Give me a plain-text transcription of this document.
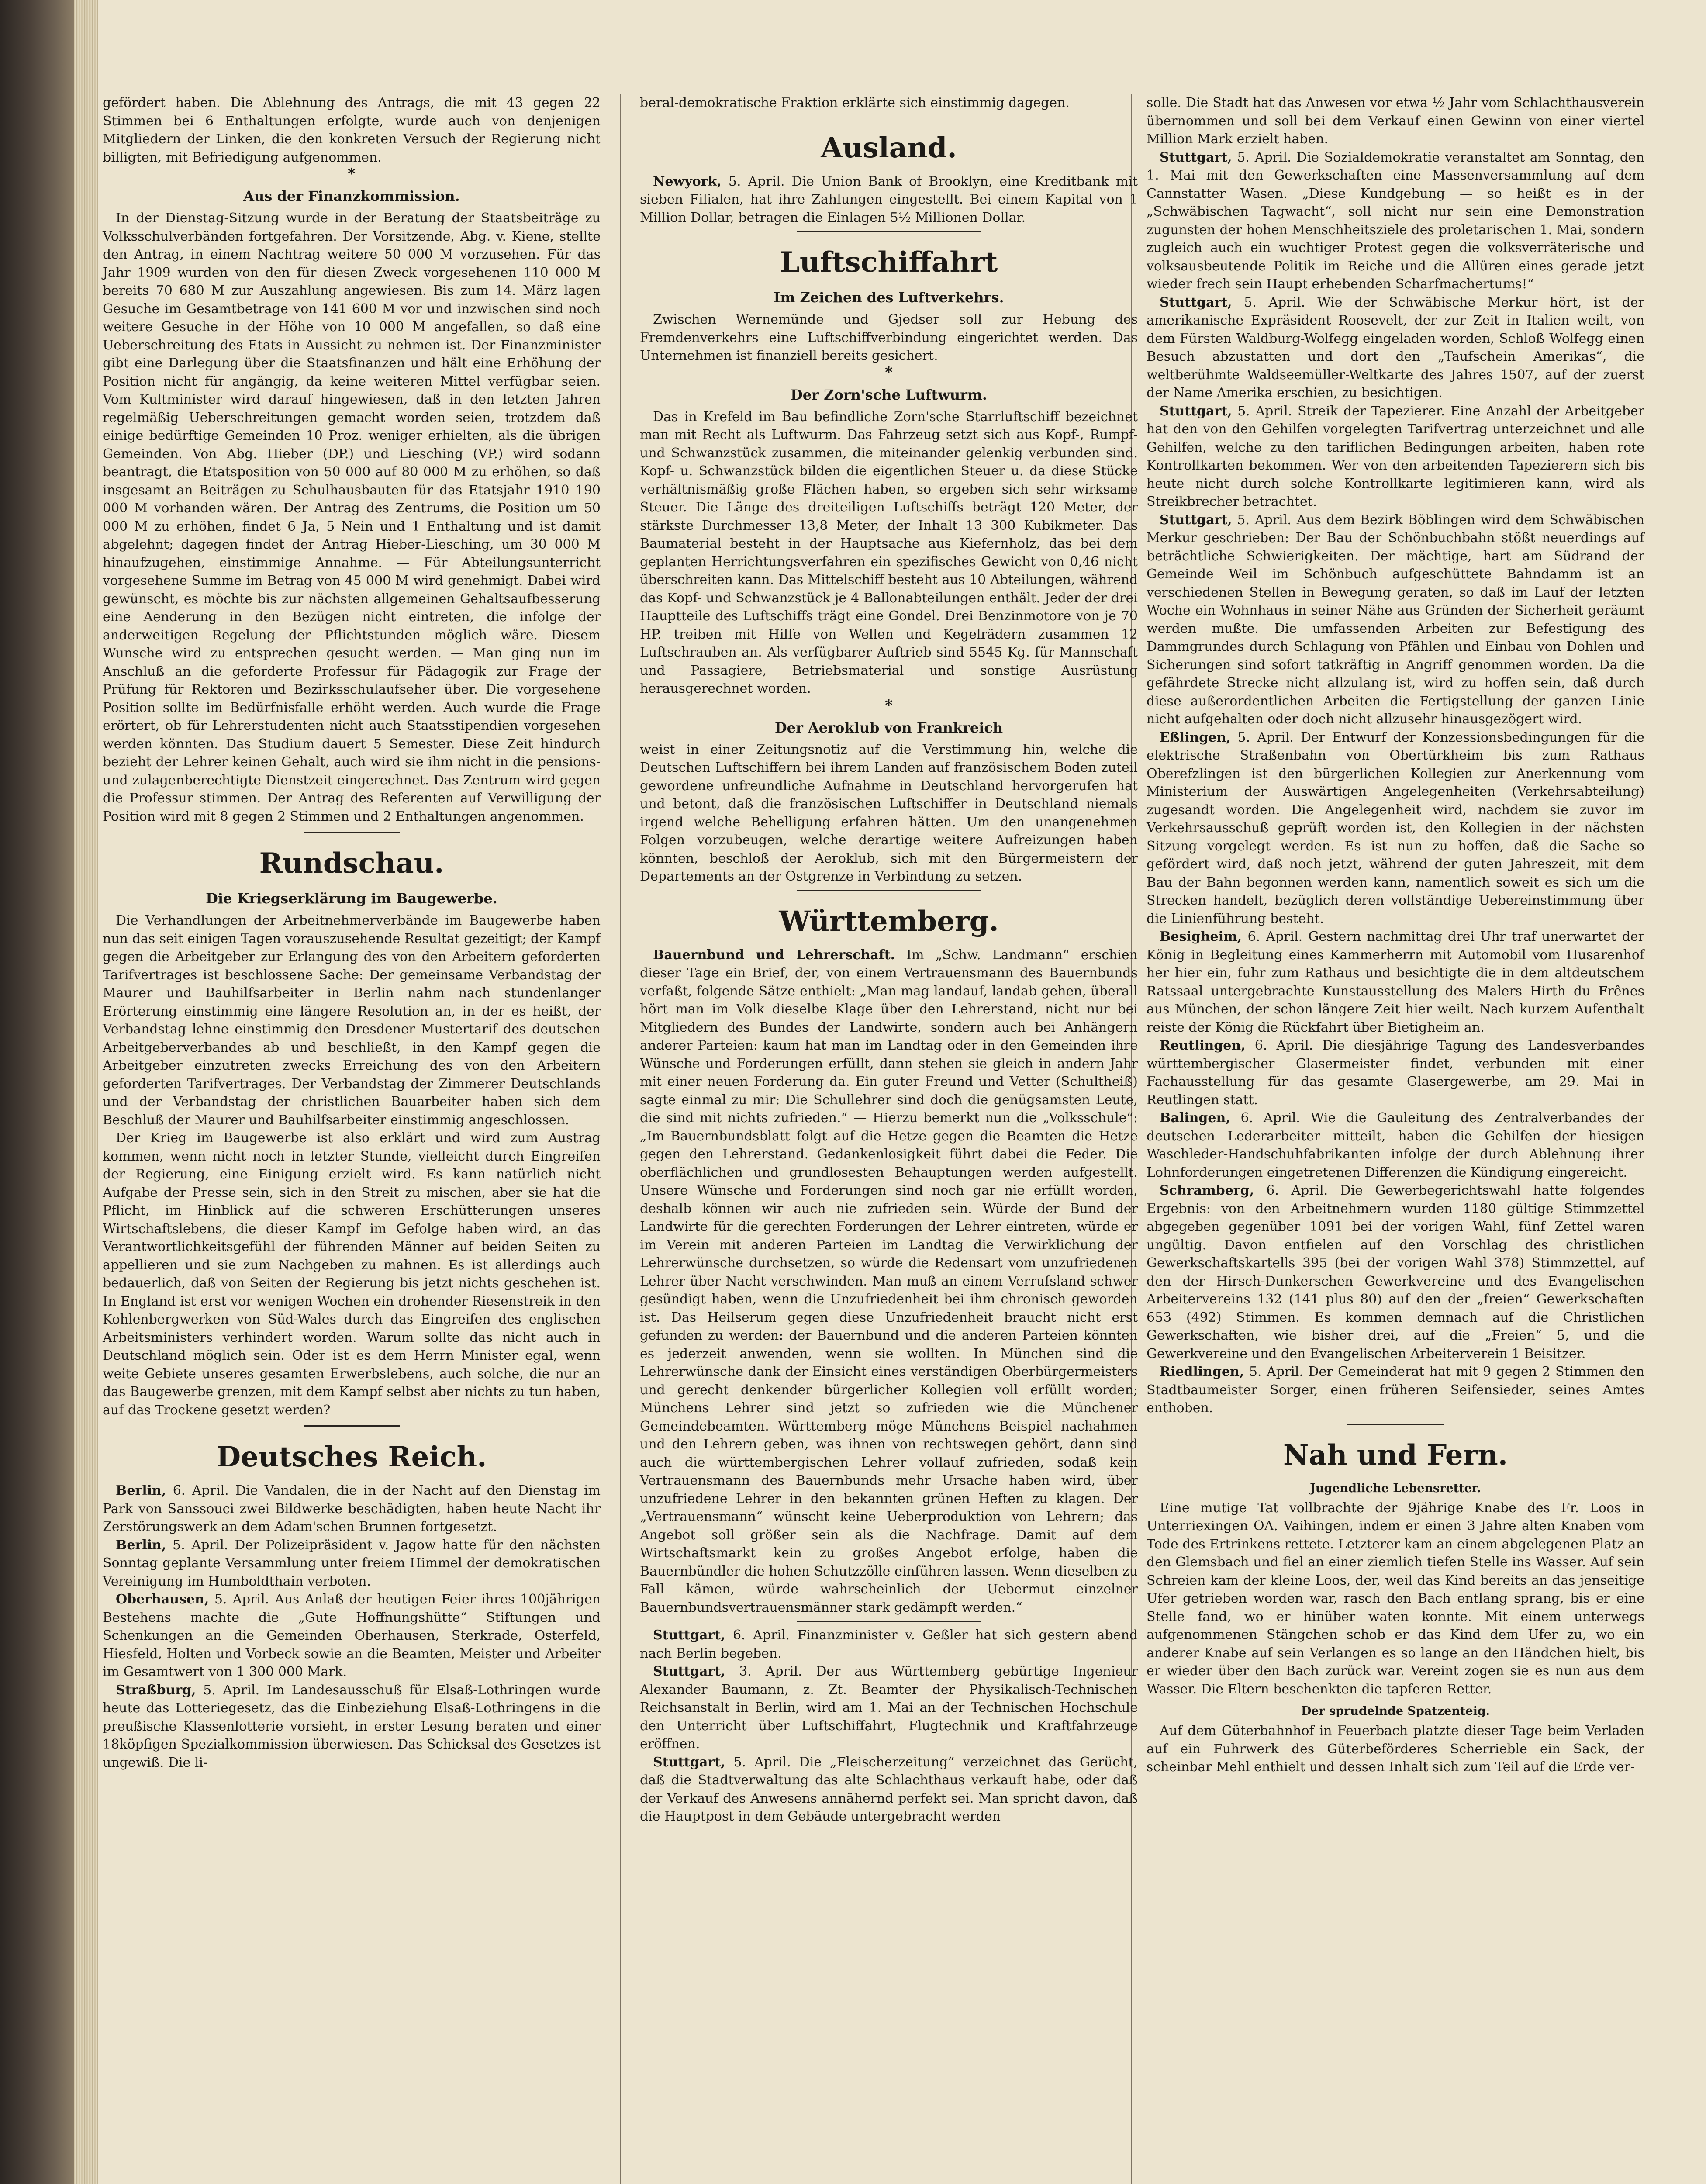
gefördert haben. Die Ablehnung des Antrags, die mit 43 gegen 22 Stimmen bei 6 Enthaltungen erfolgte, wurde auch von denjenigen Mitgliedern der Linken, die den konkreten Versuch der Regierung nicht billigten, mit Befriedigung aufgenommen.

*
Aus der Finanzkommission.

In der Dienstag-Sitzung wurde in der Beratung der Staatsbeiträge zu Volksschulverbänden fortgefahren. Der Vorsitzende, Abg. v. Kiene, stellte den Antrag, in einem Nachtrag weitere 50 000 M vorzusehen. Für das Jahr 1909 wurden von den für diesen Zweck vorgesehenen 110 000 M bereits 70 680 M zur Auszahlung angewiesen. Bis zum 14. März lagen Gesuche im Gesamtbetrage von 141 600 M vor und inzwischen sind noch weitere Gesuche in der Höhe von 10 000 M angefallen, so daß eine Ueberschreitung des Etats in Aussicht zu nehmen ist. Der Finanzminister gibt eine Darlegung über die Staatsfinanzen und hält eine Erhöhung der Position nicht für angängig, da keine weiteren Mittel verfügbar seien. Vom Kultminister wird darauf hingewiesen, daß in den letzten Jahren regelmäßig Ueberschreitungen gemacht worden seien, trotzdem daß einige bedürftige Gemeinden 10 Proz. weniger erhielten, als die übrigen Gemeinden. Von Abg. Hieber (DP.) und Liesching (VP.) wird sodann beantragt, die Etatsposition von 50 000 auf 80 000 M zu erhöhen, so daß insgesamt an Beiträgen zu Schulhausbauten für das Etatsjahr 1910 190 000 M vorhanden wären. Der Antrag des Zentrums, die Position um 50 000 M zu erhöhen, findet 6 Ja, 5 Nein und 1 Enthaltung und ist damit abgelehnt; dagegen findet der Antrag Hieber-Liesching, um 30 000 M hinaufzugehen, einstimmige Annahme. — Für Abteilungsunterricht vorgesehene Summe im Betrag von 45 000 M wird genehmigt. Dabei wird gewünscht, es möchte bis zur nächsten allgemeinen Gehaltsaufbesserung eine Aenderung in den Bezügen nicht eintreten, die infolge der anderweitigen Regelung der Pflichtstunden möglich wäre. Diesem Wunsche wird zu entsprechen gesucht werden. — Man ging nun im Anschluß an die geforderte Professur für Pädagogik zur Frage der Prüfung für Rektoren und Bezirksschulaufseher über. Die vorgesehene Position sollte im Bedürfnisfalle erhöht werden. Auch wurde die Frage erörtert, ob für Lehrerstudenten nicht auch Staatsstipendien vorgesehen werden könnten. Das Studium dauert 5 Semester. Diese Zeit hindurch bezieht der Lehrer keinen Gehalt, auch wird sie ihm nicht in die pensions- und zulagenberechtigte Dienstzeit eingerechnet. Das Zentrum wird gegen die Professur stimmen. Der Antrag des Referenten auf Verwilligung der Position wird mit 8 gegen 2 Stimmen und 2 Enthaltungen angenommen.

Rundschau.
Die Kriegserklärung im Baugewerbe.

Die Verhandlungen der Arbeitnehmerverbände im Baugewerbe haben nun das seit einigen Tagen vorauszusehende Resultat gezeitigt; der Kampf gegen die Arbeitgeber zur Erlangung des von den Arbeitern geforderten Tarifvertrages ist beschlossene Sache: Der gemeinsame Verbandstag der Maurer und Bauhilfsarbeiter in Berlin nahm nach stundenlanger Erörterung einstimmig eine längere Resolution an, in der es heißt, der Verbandstag lehne einstimmig den Dresdener Mustertarif des deutschen Arbeitgeberverbandes ab und beschließt, in den Kampf gegen die Arbeitgeber einzutreten zwecks Erreichung des von den Arbeitern geforderten Tarifvertrages. Der Verbandstag der Zimmerer Deutschlands und der Verbandstag der christlichen Bauarbeiter haben sich dem Beschluß der Maurer und Bauhilfsarbeiter einstimmig angeschlossen.

Der Krieg im Baugewerbe ist also erklärt und wird zum Austrag kommen, wenn nicht noch in letzter Stunde, vielleicht durch Eingreifen der Regierung, eine Einigung erzielt wird. Es kann natürlich nicht Aufgabe der Presse sein, sich in den Streit zu mischen, aber sie hat die Pflicht, im Hinblick auf die schweren Erschütterungen unseres Wirtschaftslebens, die dieser Kampf im Gefolge haben wird, an das Verantwortlichkeitsgefühl der führenden Männer auf beiden Seiten zu appellieren und sie zum Nachgeben zu mahnen. Es ist allerdings auch bedauerlich, daß von Seiten der Regierung bis jetzt nichts geschehen ist. In England ist erst vor wenigen Wochen ein drohender Riesenstreik in den Kohlenbergwerken von Süd-Wales durch das Eingreifen des englischen Arbeitsministers verhindert worden. Warum sollte das nicht auch in Deutschland möglich sein. Oder ist es dem Herrn Minister egal, wenn weite Gebiete unseres gesamten Erwerbslebens, auch solche, die nur an das Baugewerbe grenzen, mit dem Kampf selbst aber nichts zu tun haben, auf das Trockene gesetzt werden?

Deutsches Reich.

Berlin, 6. April. Die Vandalen, die in der Nacht auf den Dienstag im Park von Sanssouci zwei Bildwerke beschädigten, haben heute Nacht ihr Zerstörungswerk an dem Adam'schen Brunnen fortgesetzt.

Berlin, 5. April. Der Polizeipräsident v. Jagow hatte für den nächsten Sonntag geplante Versammlung unter freiem Himmel der demokratischen Vereinigung im Humboldthain verboten.

Oberhausen, 5. April. Aus Anlaß der heutigen Feier ihres 100jährigen Bestehens machte die „Gute Hoffnungshütte“ Stiftungen und Schenkungen an die Gemeinden Oberhausen, Sterkrade, Osterfeld, Hiesfeld, Holten und Vorbeck sowie an die Beamten, Meister und Arbeiter im Gesamtwert von 1 300 000 Mark.

Straßburg, 5. April. Im Landesausschuß für Elsaß-Lothringen wurde heute das Lotteriegesetz, das die Einbeziehung Elsaß-Lothringens in die preußische Klassenlotterie vorsieht, in erster Lesung beraten und einer 18köpfigen Spezialkommission überwiesen. Das Schicksal des Gesetzes ist ungewiß. Die li-

beral-demokratische Fraktion erklärte sich einstimmig dagegen.

Ausland.

Newyork, 5. April. Die Union Bank of Brooklyn, eine Kreditbank mit sieben Filialen, hat ihre Zahlungen eingestellt. Bei einem Kapital von 1 Million Dollar, betragen die Einlagen 5½ Millionen Dollar.

Luftschiffahrt
Im Zeichen des Luftverkehrs.

Zwischen Wernemünde und Gjedser soll zur Hebung des Fremdenverkehrs eine Luftschiffverbindung eingerichtet werden. Das Unternehmen ist finanziell bereits gesichert.

*
Der Zorn'sche Luftwurm.

Das in Krefeld im Bau befindliche Zorn'sche Starrluftschiff bezeichnet man mit Recht als Luftwurm. Das Fahrzeug setzt sich aus Kopf-, Rumpf- und Schwanzstück zusammen, die miteinander gelenkig verbunden sind. Kopf- u. Schwanzstück bilden die eigentlichen Steuer u. da diese Stücke verhältnismäßig große Flächen haben, so ergeben sich sehr wirksame Steuer. Die Länge des dreiteiligen Luftschiffs beträgt 120 Meter, der stärkste Durchmesser 13,8 Meter, der Inhalt 13 300 Kubikmeter. Das Baumaterial besteht in der Hauptsache aus Kiefernholz, das bei dem geplanten Herrichtungsverfahren ein spezifisches Gewicht von 0,46 nicht überschreiten kann. Das Mittelschiff besteht aus 10 Abteilungen, während das Kopf- und Schwanzstück je 4 Ballonabteilungen enthält. Jeder der drei Hauptteile des Luftschiffs trägt eine Gondel. Drei Benzinmotore von je 70 HP. treiben mit Hilfe von Wellen und Kegelrädern zusammen 12 Luftschrauben an. Als verfügbarer Auftrieb sind 5545 Kg. für Mannschaft und Passagiere, Betriebsmaterial und sonstige Ausrüstung herausgerechnet worden.

*
Der Aeroklub von Frankreich

weist in einer Zeitungsnotiz auf die Verstimmung hin, welche die Deutschen Luftschiffern bei ihrem Landen auf französischem Boden zuteil gewordene unfreundliche Aufnahme in Deutschland hervorgerufen hat und betont, daß die französischen Luftschiffer in Deutschland niemals irgend welche Behelligung erfahren hätten. Um den unangenehmen Folgen vorzubeugen, welche derartige weitere Aufreizungen haben könnten, beschloß der Aeroklub, sich mit den Bürgermeistern der Departements an der Ostgrenze in Verbindung zu setzen.

Württemberg.

Bauernbund und Lehrerschaft. Im „Schw. Landmann“ erschien dieser Tage ein Brief, der, von einem Vertrauensmann des Bauernbunds verfaßt, folgende Sätze enthielt: „Man mag landauf, landab gehen, überall hört man im Volk dieselbe Klage über den Lehrerstand, nicht nur bei Mitgliedern des Bundes der Landwirte, sondern auch bei Anhängern anderer Parteien: kaum hat man im Landtag oder in den Gemeinden ihre Wünsche und Forderungen erfüllt, dann stehen sie gleich in andern Jahr mit einer neuen Forderung da. Ein guter Freund und Vetter (Schultheiß) sagte einmal zu mir: Die Schullehrer sind doch die genügsamsten Leute, die sind mit nichts zufrieden.“ — Hierzu bemerkt nun die „Volksschule“: „Im Bauernbundsblatt folgt auf die Hetze gegen die Beamten die Hetze gegen den Lehrerstand. Gedankenlosigkeit führt dabei die Feder. Die oberflächlichen und grundlosesten Behauptungen werden aufgestellt. Unsere Wünsche und Forderungen sind noch gar nie erfüllt worden, deshalb können wir auch nie zufrieden sein. Würde der Bund der Landwirte für die gerechten Forderungen der Lehrer eintreten, würde er im Verein mit anderen Parteien im Landtag die Verwirklichung der Lehrerwünsche durchsetzen, so würde die Redensart vom unzufriedenen Lehrer über Nacht verschwinden. Man muß an einem Verrufsland schwer gesündigt haben, wenn die Unzufriedenheit bei ihm chronisch geworden ist. Das Heilserum gegen diese Unzufriedenheit braucht nicht erst gefunden zu werden: der Bauernbund und die anderen Parteien könnten es jederzeit anwenden, wenn sie wollten. In München sind die Lehrerwünsche dank der Einsicht eines verständigen Oberbürgermeisters und gerecht denkender bürgerlicher Kollegien voll erfüllt worden; Münchens Lehrer sind jetzt so zufrieden wie die Münchener Gemeindebeamten. Württemberg möge Münchens Beispiel nachahmen und den Lehrern geben, was ihnen von rechtswegen gehört, dann sind auch die württembergischen Lehrer vollauf zufrieden, sodaß kein Vertrauensmann des Bauernbunds mehr Ursache haben wird, über unzufriedene Lehrer in den bekannten grünen Heften zu klagen. Der „Vertrauensmann“ wünscht keine Ueberproduktion von Lehrern; das Angebot soll größer sein als die Nachfrage. Damit auf dem Wirtschaftsmarkt kein zu großes Angebot erfolge, haben die Bauernbündler die hohen Schutzzölle einführen lassen. Wenn dieselben zu Fall kämen, würde wahrscheinlich der Uebermut einzelner Bauernbundsvertrauensmänner stark gedämpft werden.“

Stuttgart, 6. April. Finanzminister v. Geßler hat sich gestern abend nach Berlin begeben.

Stuttgart, 3. April. Der aus Württemberg gebürtige Ingenieur Alexander Baumann, z. Zt. Beamter der Physikalisch-Technischen Reichsanstalt in Berlin, wird am 1. Mai an der Technischen Hochschule den Unterricht über Luftschiffahrt, Flugtechnik und Kraftfahrzeuge eröffnen.

Stuttgart, 5. April. Die „Fleischerzeitung“ verzeichnet das Gerücht, daß die Stadtverwaltung das alte Schlachthaus verkauft habe, oder daß der Verkauf des Anwesens annähernd perfekt sei. Man spricht davon, daß die Hauptpost in dem Gebäude untergebracht werden

solle. Die Stadt hat das Anwesen vor etwa ½ Jahr vom Schlachthausverein übernommen und soll bei dem Verkauf einen Gewinn von einer viertel Million Mark erzielt haben.

Stuttgart, 5. April. Die Sozialdemokratie veranstaltet am Sonntag, den 1. Mai mit den Gewerkschaften eine Massenversammlung auf dem Cannstatter Wasen. „Diese Kundgebung — so heißt es in der „Schwäbischen Tagwacht“, soll nicht nur sein eine Demonstration zugunsten der hohen Menschheitsziele des proletarischen 1. Mai, sondern zugleich auch ein wuchtiger Protest gegen die volksverräterische und volksausbeutende Politik im Reiche und die Allüren eines gerade jetzt wieder frech sein Haupt erhebenden Scharfmachertums!“

Stuttgart, 5. April. Wie der Schwäbische Merkur hört, ist der amerikanische Expräsident Roosevelt, der zur Zeit in Italien weilt, von dem Fürsten Waldburg-Wolfegg eingeladen worden, Schloß Wolfegg einen Besuch abzustatten und dort den „Taufschein Amerikas“, die weltberühmte Waldseemüller-Weltkarte des Jahres 1507, auf der zuerst der Name Amerika erschien, zu besichtigen.

Stuttgart, 5. April. Streik der Tapezierer. Eine Anzahl der Arbeitgeber hat den von den Gehilfen vorgelegten Tarifvertrag unterzeichnet und alle Gehilfen, welche zu den tariflichen Bedingungen arbeiten, haben rote Kontrollkarten bekommen. Wer von den arbeitenden Tapezierern sich bis heute nicht durch solche Kontrollkarte legitimieren kann, wird als Streikbrecher betrachtet.

Stuttgart, 5. April. Aus dem Bezirk Böblingen wird dem Schwäbischen Merkur geschrieben: Der Bau der Schönbuchbahn stößt neuerdings auf beträchtliche Schwierigkeiten. Der mächtige, hart am Südrand der Gemeinde Weil im Schönbuch aufgeschüttete Bahndamm ist an verschiedenen Stellen in Bewegung geraten, so daß im Lauf der letzten Woche ein Wohnhaus in seiner Nähe aus Gründen der Sicherheit geräumt werden mußte. Die umfassenden Arbeiten zur Befestigung des Dammgrundes durch Schlagung von Pfählen und Einbau von Dohlen und Sicherungen sind sofort tatkräftig in Angriff genommen worden. Da die gefährdete Strecke nicht allzulang ist, wird zu hoffen sein, daß durch diese außerordentlichen Arbeiten die Fertigstellung der ganzen Linie nicht aufgehalten oder doch nicht allzusehr hinausgezögert wird.

Eßlingen, 5. April. Der Entwurf der Konzessionsbedingungen für die elektrische Straßenbahn von Obertürkheim bis zum Rathaus Oberefzlingen ist den bürgerlichen Kollegien zur Anerkennung vom Ministerium der Auswärtigen Angelegenheiten (Verkehrsabteilung) zugesandt worden. Die Angelegenheit wird, nachdem sie zuvor im Verkehrsausschuß geprüft worden ist, den Kollegien in der nächsten Sitzung vorgelegt werden. Es ist nun zu hoffen, daß die Sache so gefördert wird, daß noch jetzt, während der guten Jahreszeit, mit dem Bau der Bahn begonnen werden kann, namentlich soweit es sich um die Strecken handelt, bezüglich deren vollständige Uebereinstimmung über die Linienführung besteht.

Besigheim, 6. April. Gestern nachmittag drei Uhr traf unerwartet der König in Begleitung eines Kammerherrn mit Automobil vom Husarenhof her hier ein, fuhr zum Rathaus und besichtigte die in dem altdeutschem Ratssaal untergebrachte Kunstausstellung des Malers Hirth du Frênes aus München, der schon längere Zeit hier weilt. Nach kurzem Aufenthalt reiste der König die Rückfahrt über Bietigheim an.

Reutlingen, 6. April. Die diesjährige Tagung des Landesverbandes württembergischer Glasermeister findet, verbunden mit einer Fachausstellung für das gesamte Glasergewerbe, am 29. Mai in Reutlingen statt.

Balingen, 6. April. Wie die Gauleitung des Zentralverbandes der deutschen Lederarbeiter mitteilt, haben die Gehilfen der hiesigen Waschleder-Handschuhfabrikanten infolge der durch Ablehnung ihrer Lohnforderungen eingetretenen Differenzen die Kündigung eingereicht.

Schramberg, 6. April. Die Gewerbegerichtswahl hatte folgendes Ergebnis: von den Arbeitnehmern wurden 1180 gültige Stimmzettel abgegeben gegenüber 1091 bei der vorigen Wahl, fünf Zettel waren ungültig. Davon entfielen auf den Vorschlag des christlichen Gewerkschaftskartells 395 (bei der vorigen Wahl 378) Stimmzettel, auf den der Hirsch-Dunkerschen Gewerkvereine und des Evangelischen Arbeitervereins 132 (141 plus 80) auf den der „freien“ Gewerkschaften 653 (492) Stimmen. Es kommen demnach auf die Christlichen Gewerkschaften, wie bisher drei, auf die „Freien“ 5, und die Gewerkvereine und den Evangelischen Arbeiterverein 1 Beisitzer.

Riedlingen, 5. April. Der Gemeinderat hat mit 9 gegen 2 Stimmen den Stadtbaumeister Sorger, einen früheren Seifensieder, seines Amtes enthoben.

Nah und Fern.
Jugendliche Lebensretter.

Eine mutige Tat vollbrachte der 9jährige Knabe des Fr. Loos in Unterriexingen OA. Vaihingen, indem er einen 3 Jahre alten Knaben vom Tode des Ertrinkens rettete. Letzterer kam an einem abgelegenen Platz an den Glemsbach und fiel an einer ziemlich tiefen Stelle ins Wasser. Auf sein Schreien kam der kleine Loos, der, weil das Kind bereits an das jenseitige Ufer getrieben worden war, rasch den Bach entlang sprang, bis er eine Stelle fand, wo er hinüber waten konnte. Mit einem unterwegs aufgenommenen Stängchen schob er das Kind dem Ufer zu, wo ein anderer Knabe auf sein Verlangen es so lange an den Händchen hielt, bis er wieder über den Bach zurück war. Vereint zogen sie es nun aus dem Wasser. Die Eltern beschenkten die tapferen Retter.

Der sprudelnde Spatzenteig.

Auf dem Güterbahnhof in Feuerbach platzte dieser Tage beim Verladen auf ein Fuhrwerk des Güterbeförderes Scherrieble ein Sack, der scheinbar Mehl enthielt und dessen Inhalt sich zum Teil auf die Erde ver-
